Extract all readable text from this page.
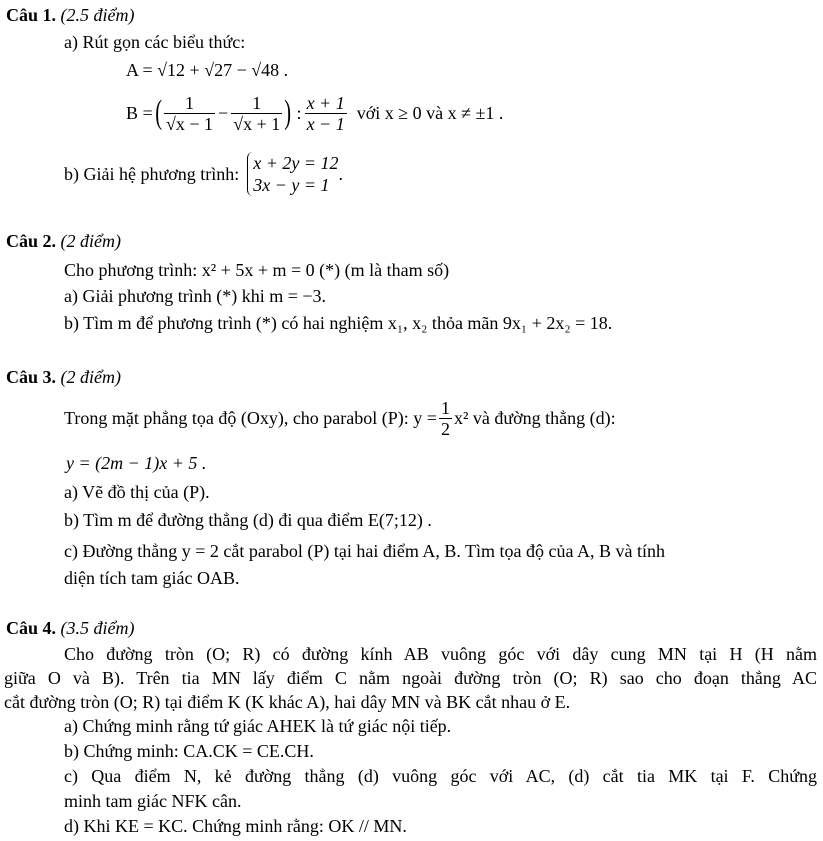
Câu 1. (2.5 điểm)
a) Rút gọn các biểu thức:
A = √12 + √27 − √48 .
B = ( $\frac{1}{√x - 1} - \frac{1}{√x + 1}$ ) : $\frac{x + 1}{x - 1}$ với x ≥ 0 và x ≠ ±1 .
b) Giải hệ phương trình:
x + 2y = 12
3x − y = 1
.
Câu 2. (2 điểm)
Cho phương trình: x² + 5x + m = 0 (*) (m là tham số)
a) Giải phương trình (*) khi m = −3.
b) Tìm m để phương trình (*) có hai nghiệm x₁, x₂ thỏa mãn 9x₁ + 2x₂ = 18.
Câu 3. (2 điểm)
Trong mặt phẳng tọa độ (Oxy), cho parabol (P): $y = \frac{1}{2} x^2$ và đường thẳng (d):
y = (2m − 1)x + 5 .
a) Vẽ đồ thị của (P).
b) Tìm m để đường thẳng (d) đi qua điểm E(7;12) .
c) Đường thẳng y = 2 cắt parabol (P) tại hai điểm A, B. Tìm tọa độ của A, B và tính
diện tích tam giác OAB.
Câu 4. (3.5 điểm)
Cho đường tròn (O; R) có đường kính AB vuông góc với dây cung MN tại H (H nằm
giữa O và B). Trên tia MN lấy điểm C nằm ngoài đường tròn (O; R) sao cho đoạn thẳng AC
cắt đường tròn (O; R) tại điểm K (K khác A), hai dây MN và BK cắt nhau ở E.
a) Chứng minh rằng tứ giác AHEK là tứ giác nội tiếp.
b) Chứng minh: CA.CK = CE.CH.
c) Qua điểm N, kẻ đường thẳng (d) vuông góc với AC, (d) cắt tia MK tại F. Chứng
minh tam giác NFK cân.
d) Khi KE = KC. Chứng minh rằng: OK // MN.
